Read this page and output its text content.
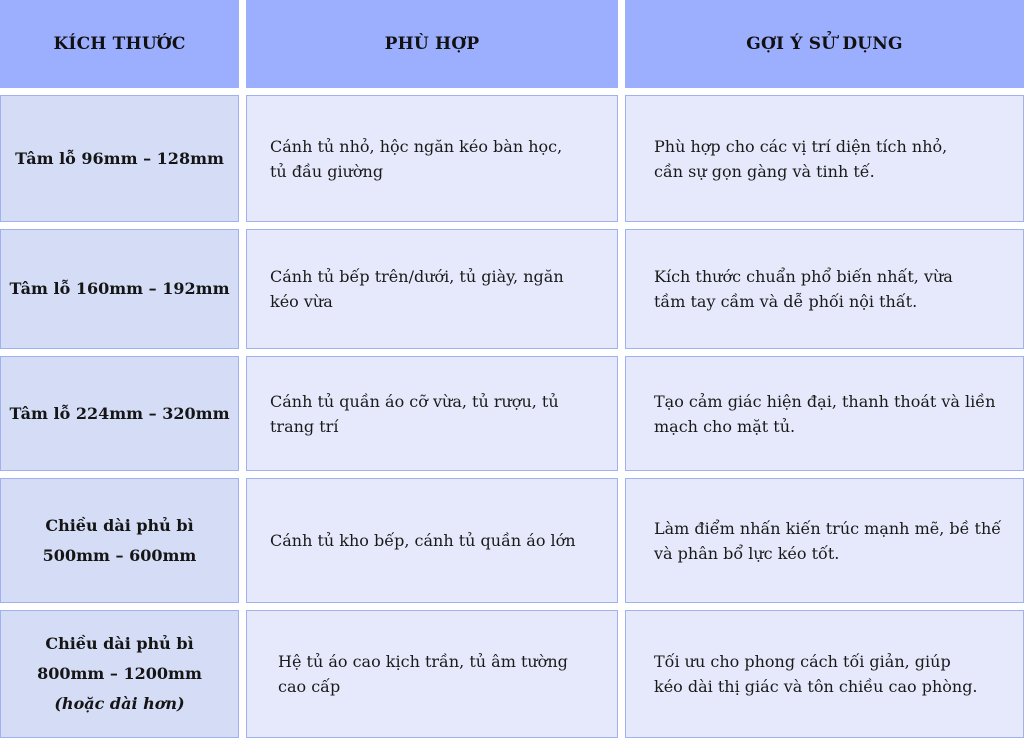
KÍCH THƯỚC	PHÙ HỢP	GỢI Ý SỬ DỤNG
Tâm lỗ 96mm – 128mm
Cánh tủ nhỏ, hộc ngăn kéo bàn học,
tủ đầu giường
Phù hợp cho các vị trí diện tích nhỏ,
cần sự gọn gàng và tinh tế.
Tâm lỗ 160mm – 192mm
Cánh tủ bếp trên/dưới, tủ giày, ngăn
kéo vừa
Kích thước chuẩn phổ biến nhất, vừa
tầm tay cầm và dễ phối nội thất.
Tâm lỗ 224mm – 320mm
Cánh tủ quần áo cỡ vừa, tủ rượu, tủ
trang trí
Tạo cảm giác hiện đại, thanh thoát và liền
mạch cho mặt tủ.
Chiều dài phủ bì
500mm – 600mm
Cánh tủ kho bếp, cánh tủ quần áo lớn
Làm điểm nhấn kiến trúc mạnh mẽ, bề thế
và phân bổ lực kéo tốt.
Chiều dài phủ bì
800mm – 1200mm
(hoặc dài hơn)
Hệ tủ áo cao kịch trần, tủ âm tường
cao cấp
Tối ưu cho phong cách tối giản, giúp
kéo dài thị giác và tôn chiều cao phòng.
